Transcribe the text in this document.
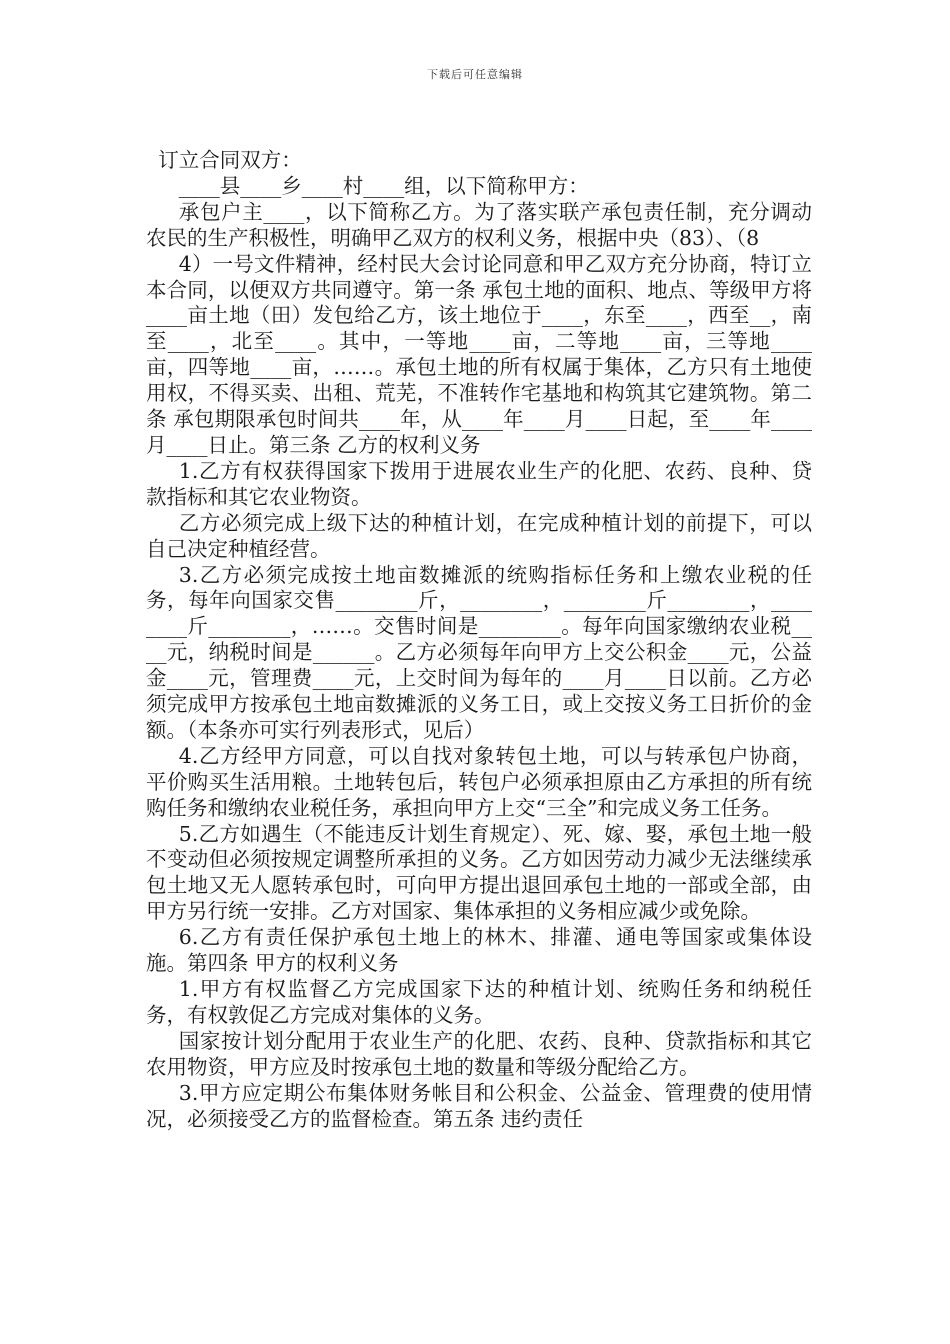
下载后可任意编辑

订立合同双方：

____县____乡____村____组，以下简称甲方：

承包户主____，以下简称乙方。为了落实联产承包责任制，充分调动农民的生产积极性，明确甲乙双方的权利义务，根据中央（83）、（8

4）一号文件精神，经村民大会讨论同意和甲乙双方充分协商，特订立本合同，以便双方共同遵守。第一条 承包土地的面积、地点、等级甲方将____亩土地（田）发包给乙方，该土地位于____，东至____，西至__，南至____，北至____。其中，一等地____亩，二等地____亩，三等地____亩，四等地____亩，……。承包土地的所有权属于集体，乙方只有土地使用权，不得买卖、出租、荒芜，不准转作宅基地和构筑其它建筑物。第二条 承包期限承包时间共____年，从____年____月____日起，至____年____月____日止。第三条 乙方的权利义务

1.乙方有权获得国家下拨用于进展农业生产的化肥、农药、良种、贷款指标和其它农业物资。

乙方必须完成上级下达的种植计划，在完成种植计划的前提下，可以自己决定种植经营。

3.乙方必须完成按土地亩数摊派的统购指标任务和上缴农业税的任务，每年向国家交售________斤，________，________斤________，________斤________，……。交售时间是________。每年向国家缴纳农业税____元，纳税时间是______。乙方必须每年向甲方上交公积金____元，公益金____元，管理费____元，上交时间为每年的____月____日以前。乙方必须完成甲方按承包土地亩数摊派的义务工日，或上交按义务工日折价的金额。（本条亦可实行列表形式，见后）

4.乙方经甲方同意，可以自找对象转包土地，可以与转承包户协商，平价购买生活用粮。土地转包后，转包户必须承担原由乙方承担的所有统购任务和缴纳农业税任务，承担向甲方上交“三全”和完成义务工任务。

5.乙方如遇生（不能违反计划生育规定）、死、嫁、娶，承包土地一般不变动但必须按规定调整所承担的义务。乙方如因劳动力减少无法继续承包土地又无人愿转承包时，可向甲方提出退回承包土地的一部或全部，由甲方另行统一安排。乙方对国家、集体承担的义务相应减少或免除。

6.乙方有责任保护承包土地上的林木、排灌、通电等国家或集体设施。第四条 甲方的权利义务

1.甲方有权监督乙方完成国家下达的种植计划、统购任务和纳税任务，有权敦促乙方完成对集体的义务。

国家按计划分配用于农业生产的化肥、农药、良种、贷款指标和其它农用物资，甲方应及时按承包土地的数量和等级分配给乙方。

3.甲方应定期公布集体财务帐目和公积金、公益金、管理费的使用情况，必须接受乙方的监督检查。第五条 违约责任
